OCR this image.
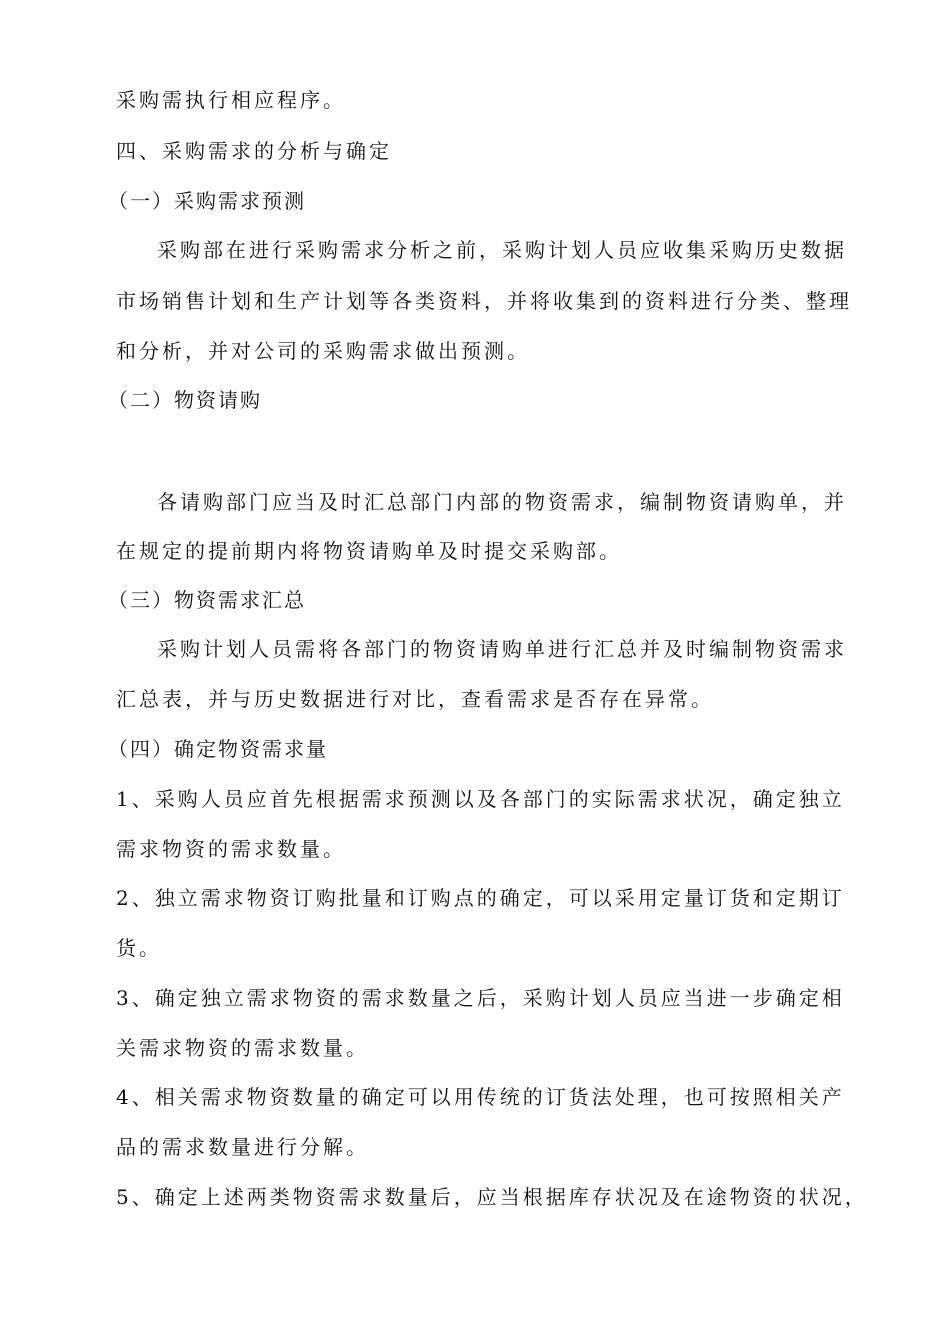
采购需执行相应程序。
四、采购需求的分析与确定
（一）采购需求预测
采购部在进行采购需求分析之前，采购计划人员应收集采购历史数据
市场销售计划和生产计划等各类资料，并将收集到的资料进行分类、整理
和分析，并对公司的采购需求做出预测。
（二）物资请购
各请购部门应当及时汇总部门内部的物资需求，编制物资请购单，并
在规定的提前期内将物资请购单及时提交采购部。
（三）物资需求汇总
采购计划人员需将各部门的物资请购单进行汇总并及时编制物资需求
汇总表，并与历史数据进行对比，查看需求是否存在异常。
（四）确定物资需求量
1、采购人员应首先根据需求预测以及各部门的实际需求状况，确定独立
需求物资的需求数量。
2、独立需求物资订购批量和订购点的确定，可以采用定量订货和定期订
货。
3、确定独立需求物资的需求数量之后，采购计划人员应当进一步确定相
关需求物资的需求数量。
4、相关需求物资数量的确定可以用传统的订货法处理，也可按照相关产
品的需求数量进行分解。
5、确定上述两类物资需求数量后，应当根据库存状况及在途物资的状况，
